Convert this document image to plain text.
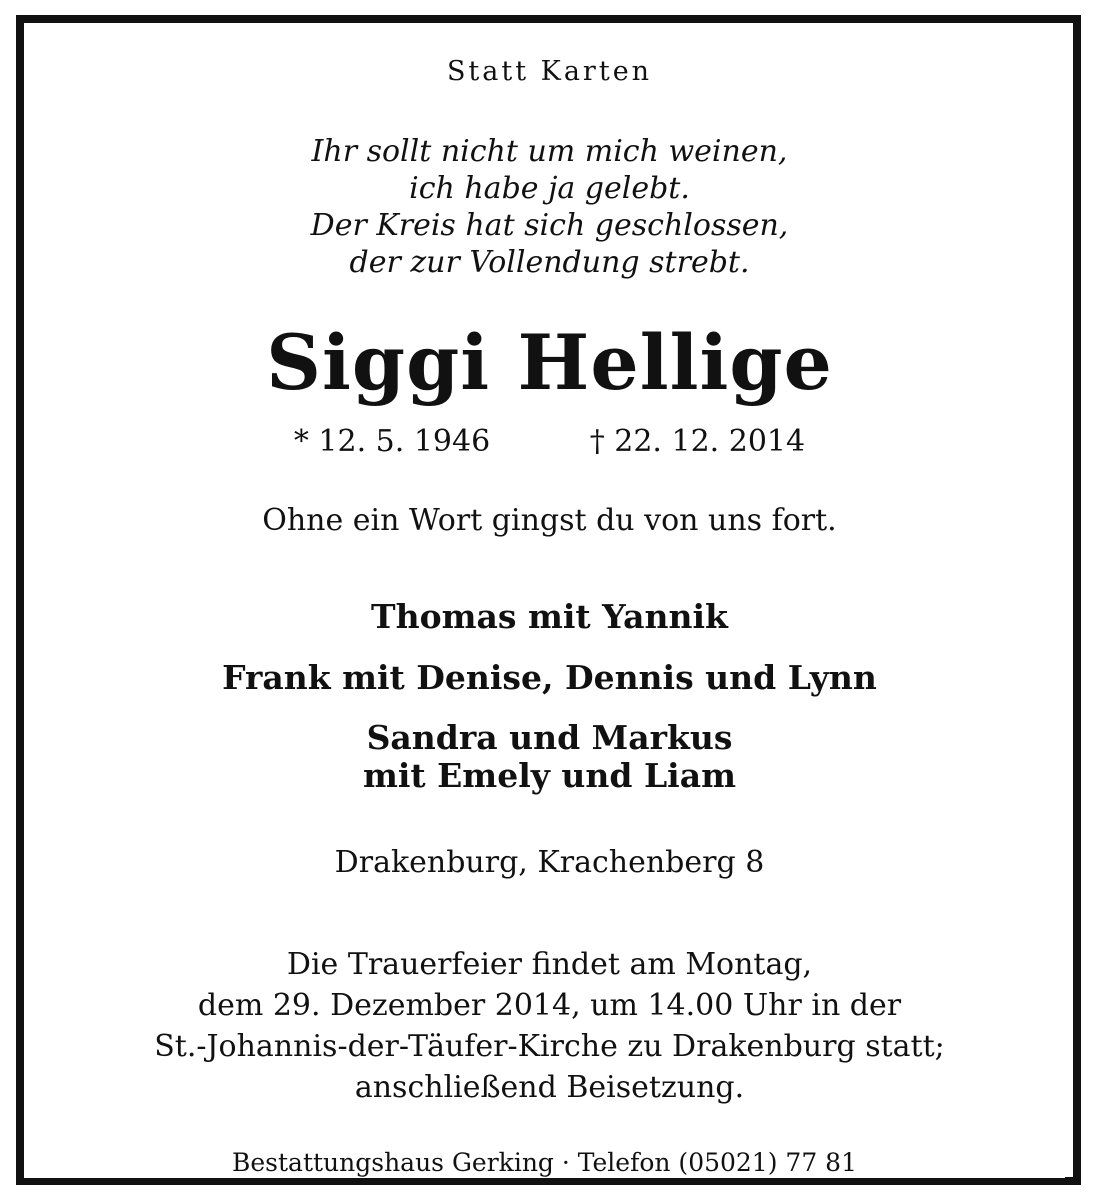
Statt Karten
Ihr sollt nicht um mich weinen,
ich habe ja gelebt.
Der Kreis hat sich geschlossen,
der zur Vollendung strebt.
Siggi Hellige
* 12. 5. 1946	† 22. 12. 2014
Ohne ein Wort gingst du von uns fort.
Thomas mit Yannik
Frank mit Denise, Dennis und Lynn
Sandra und Markus
mit Emely und Liam
Drakenburg, Krachenberg 8
Die Trauerfeier findet am Montag,
dem 29. Dezember 2014, um 14.00 Uhr in der
St.-Johannis-der-Täufer-Kirche zu Drakenburg statt;
anschließend Beisetzung.
Bestattungshaus Gerking · Telefon (05021) 77 81
